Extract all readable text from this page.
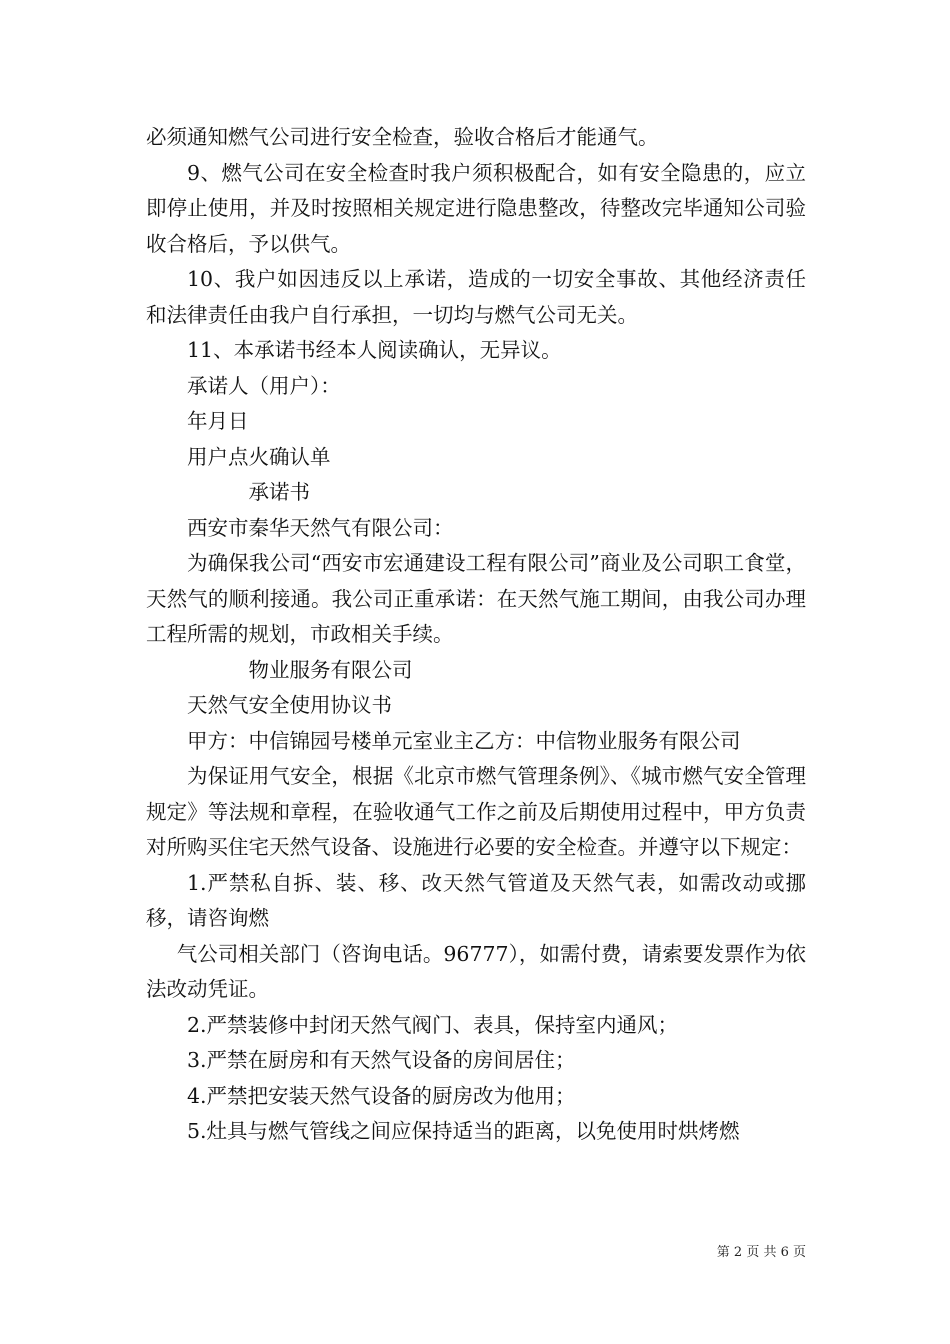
必须通知燃气公司进行安全检查，验收合格后才能通气。

9、燃气公司在安全检查时我户须积极配合，如有安全隐患的，应立即停止使用，并及时按照相关规定进行隐患整改，待整改完毕通知公司验收合格后，予以供气。

10、我户如因违反以上承诺，造成的一切安全事故、其他经济责任和法律责任由我户自行承担，一切均与燃气公司无关。

11、本承诺书经本人阅读确认，无异议。

承诺人（用户）：

年月日

用户点火确认单

承诺书

西安市秦华天然气有限公司：

为确保我公司“西安市宏通建设工程有限公司”商业及公司职工食堂，天然气的顺利接通。我公司正重承诺：在天然气施工期间，由我公司办理工程所需的规划，市政相关手续。

物业服务有限公司

天然气安全使用协议书

甲方：中信锦园号楼单元室业主乙方：中信物业服务有限公司

为保证用气安全，根据《北京市燃气管理条例》、《城市燃气安全管理规定》等法规和章程，在验收通气工作之前及后期使用过程中，甲方负责对所购买住宅天然气设备、设施进行必要的安全检查。并遵守以下规定：

1.严禁私自拆、装、移、改天然气管道及天然气表，如需改动或挪移，请咨询燃

气公司相关部门（咨询电话。96777），如需付费，请索要发票作为依法改动凭证。

2.严禁装修中封闭天然气阀门、表具，保持室内通风；

3.严禁在厨房和有天然气设备的房间居住；

4.严禁把安装天然气设备的厨房改为他用；

5.灶具与燃气管线之间应保持适当的距离，以免使用时烘烤燃

第 2 页 共 6 页
